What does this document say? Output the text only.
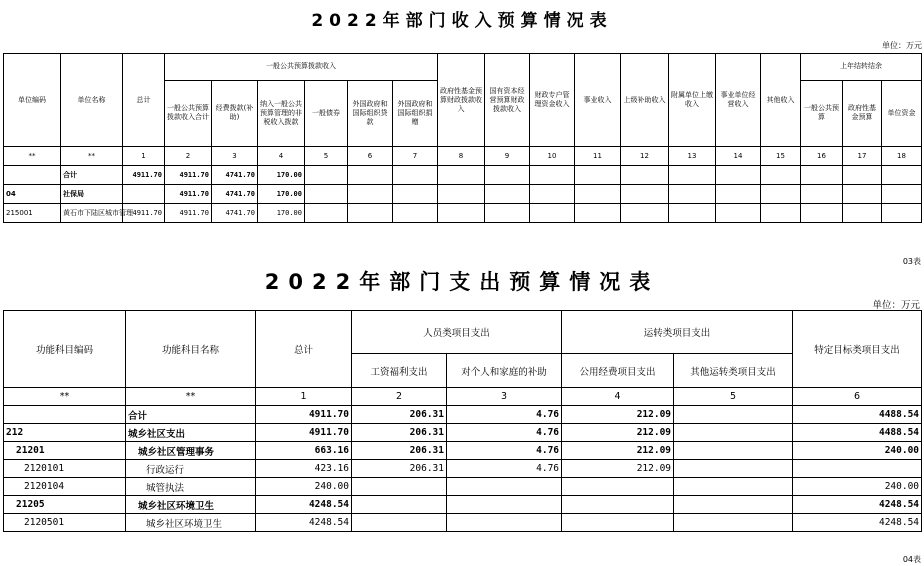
2022年部门收入预算情况表
单位：万元
单位编码	单位名称	总计	一般公共预算拨款收入						政府性基金预算财政拨款收入	国有资本经营预算财政拨款收入	财政专户管理资金收入	事业收入	上级补助收入	附属单位上缴收入	事业单位经营收入	其他收入	上年结转结余		
			一般公共预算拨款收入合计	经费拨款(补助)	纳入一般公共预算管理的非税收入拨款	一般债券	外国政府和国际组织贷款	外国政府和国际组织捐赠									一般公共预算	政府性基金预算	单位资金
**	**	1	2	3	4	5	6	7	8	9	10	11	12	13	14	15	16	17	18
	合计	4911.70	4911.70	4741.70	170.00														
04	社保局		4911.70	4741.70	170.00														
215001	黄石市下陆区城市管理	4911.70	4911.70	4741.70	170.00														
03表
2022年部门支出预算情况表
单位：万元
功能科目编码	功能科目名称	总计	人员类项目支出		运转类项目支出		特定目标类项目支出
			工资福利支出	对个人和家庭的补助	公用经费项目支出	其他运转类项目支出	
**	**	1	2	3	4	5	6
	合计	4911.70	206.31	4.76	212.09		4488.54
212	城乡社区支出	4911.70	206.31	4.76	212.09		4488.54
21201	城乡社区管理事务	663.16	206.31	4.76	212.09		240.00
2120101	行政运行	423.16	206.31	4.76	212.09		
2120104	城管执法	240.00					240.00
21205	城乡社区环境卫生	4248.54					4248.54
2120501	城乡社区环境卫生	4248.54					4248.54
04表
